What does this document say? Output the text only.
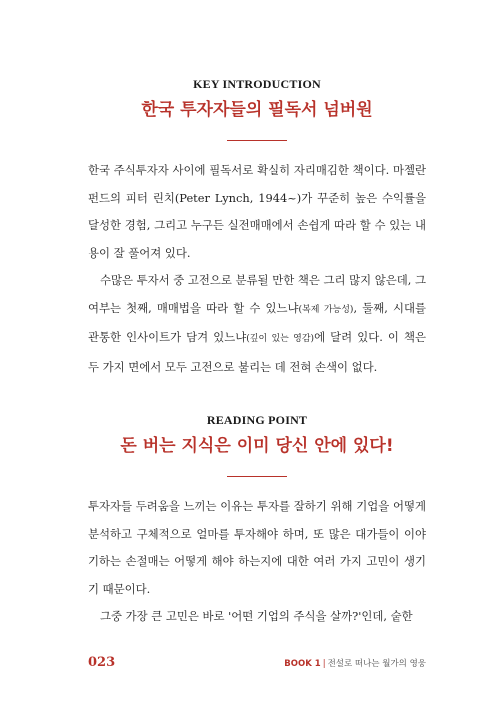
KEY INTRODUCTION

한국 투자자들의 필독서 넘버원

한국 주식투자자 사이에 필독서로 확실히 자리매김한 책이다. 마젤란펀드의 피터 린치(Peter Lynch, 1944~)가 꾸준히 높은 수익률을 달성한 경험, 그리고 누구든 실전매매에서 손쉽게 따라 할 수 있는 내용이 잘 풀어져 있다.

수많은 투자서 중 고전으로 분류될 만한 책은 그리 많지 않은데, 그 여부는 첫째, 매매법을 따라 할 수 있느냐(복제 가능성), 둘째, 시대를 관통한 인사이트가 담겨 있느냐(깊이 있는 영감)에 달려 있다. 이 책은 두 가지 면에서 모두 고전으로 불리는 데 전혀 손색이 없다.

READING POINT

돈 버는 지식은 이미 당신 안에 있다!

투자자들 두려움을 느끼는 이유는 투자를 잘하기 위해 기업을 어떻게 분석하고 구체적으로 얼마를 투자해야 하며, 또 많은 대가들이 이야기하는 손절매는 어떻게 해야 하는지에 대한 여러 가지 고민이 생기기 때문이다.

그중 가장 큰 고민은 바로 '어떤 기업의 주식을 살까?'인데, 숱한

023	BOOK 1 | 전설로 떠나는 월가의 영웅
